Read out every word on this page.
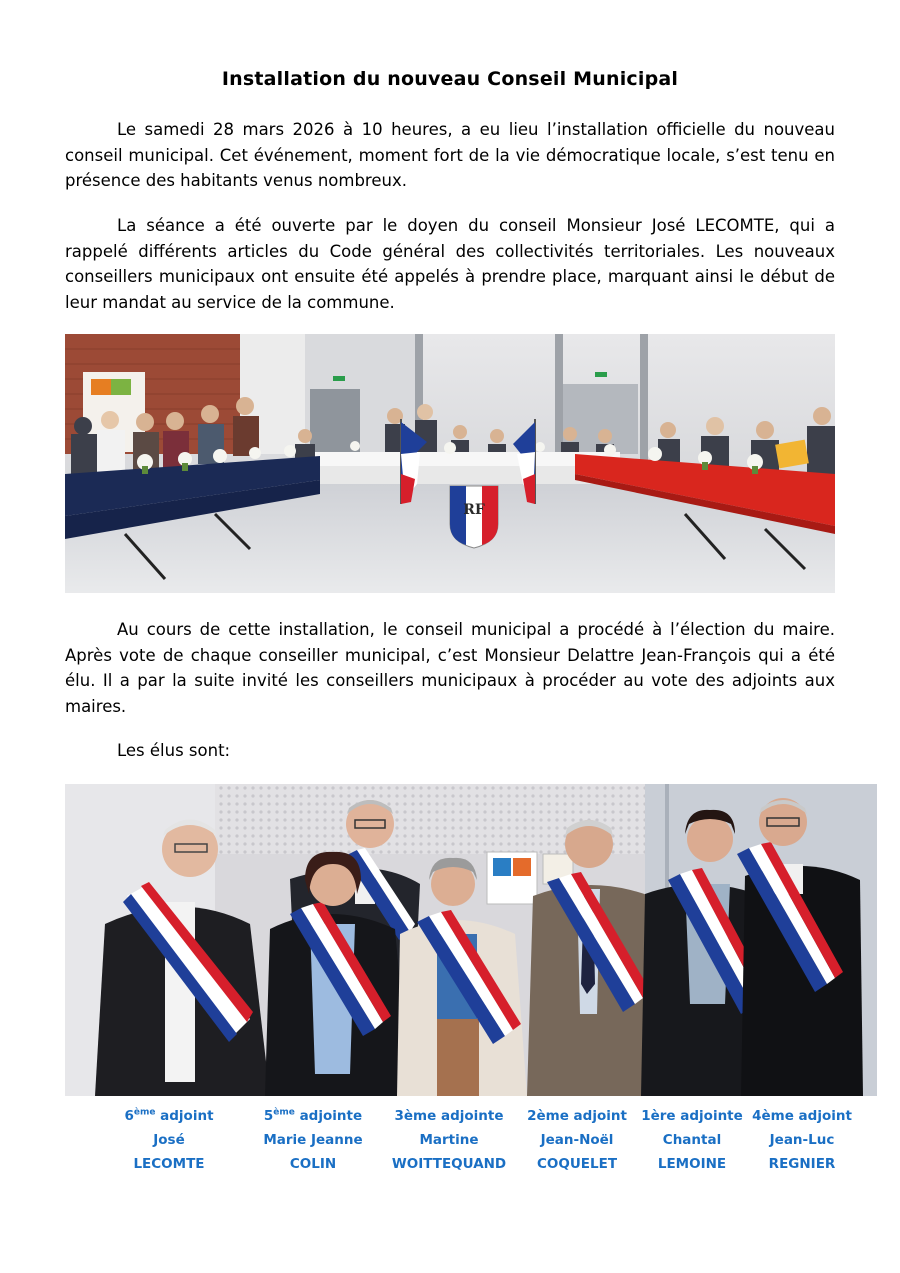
Installation du nouveau Conseil Municipal

Le samedi 28 mars 2026 à 10 heures, a eu lieu l’installation officielle du nouveau conseil municipal. Cet événement, moment fort de la vie démocratique locale, s’est tenu en présence des habitants venus nombreux.

La séance a été ouverte par le doyen du conseil Monsieur José LECOMTE, qui a rappelé différents articles du Code général des collectivités territoriales. Les nouveaux conseillers municipaux ont ensuite été appelés à prendre place, marquant ainsi le début de leur mandat au service de la commune.

RF

Au cours de cette installation, le conseil municipal a procédé à l’élection du maire. Après vote de chaque conseiller municipal, c’est Monsieur Delattre Jean-François qui a été élu. Il a par la suite invité les conseillers municipaux à procéder au vote des adjoints aux maires.

Les élus sont:

6ème adjoint
José
LECOMTE
5ème adjointe
Marie Jeanne
COLIN
3ème adjointe
Martine
WOITTEQUAND
2ème adjoint
Jean-Noël
COQUELET
1ère adjointe
Chantal
LEMOINE
4ème adjoint
Jean-Luc
REGNIER
